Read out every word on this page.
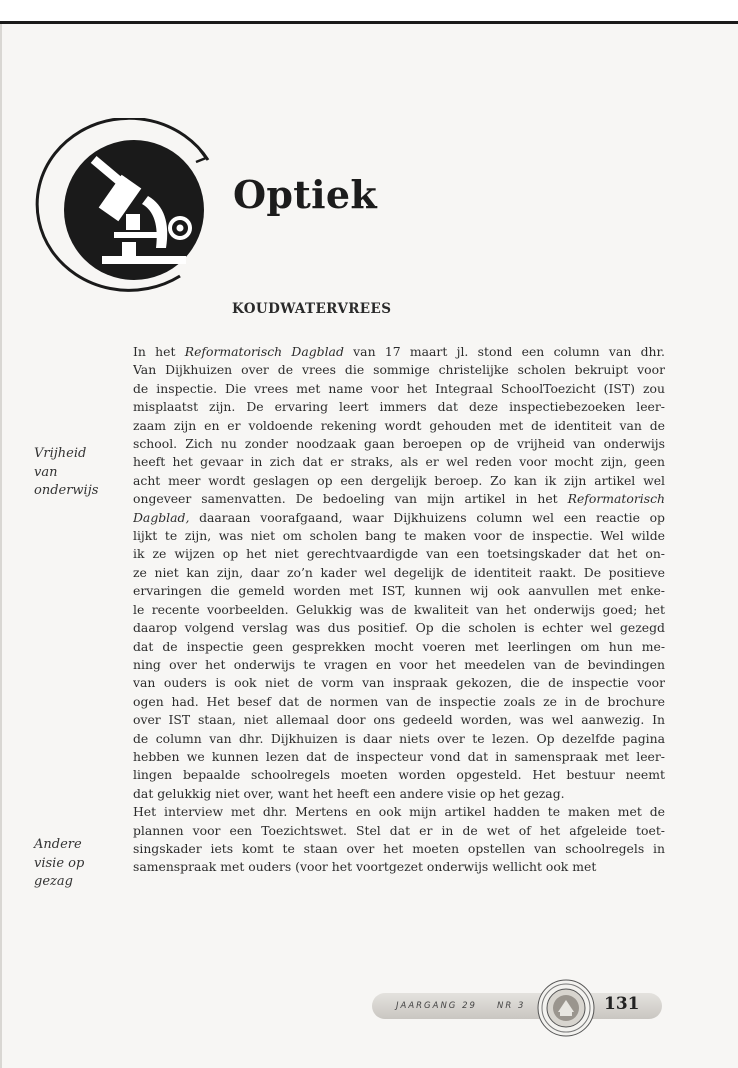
Optiek
KOUDWATERVREES
In het Reformatorisch Dagblad van 17 maart jl. stond een column van dhr.
Van Dijkhuizen over de vrees die sommige christelijke scholen bekruipt voor
de inspectie. Die vrees met name voor het Integraal SchoolToezicht (IST) zou
misplaatst zijn. De ervaring leert immers dat deze inspectiebezoeken leer-
zaam zijn en er voldoende rekening wordt gehouden met de identiteit van de
school. Zich nu zonder noodzaak gaan beroepen op de vrijheid van onderwijs
heeft het gevaar in zich dat er straks, als er wel reden voor mocht zijn, geen
acht meer wordt geslagen op een dergelijk beroep. Zo kan ik zijn artikel wel
ongeveer samenvatten. De bedoeling van mijn artikel in het Reformatorisch
Dagblad, daaraan voorafgaand, waar Dijkhuizens column wel een reactie op
lijkt te zijn, was niet om scholen bang te maken voor de inspectie. Wel wilde
ik ze wijzen op het niet gerechtvaardigde van een toetsingskader dat het on-
ze niet kan zijn, daar zo’n kader wel degelijk de identiteit raakt. De positieve
ervaringen die gemeld worden met IST, kunnen wij ook aanvullen met enke-
le recente voorbeelden. Gelukkig was de kwaliteit van het onderwijs goed; het
daarop volgend verslag was dus positief. Op die scholen is echter wel gezegd
dat de inspectie geen gesprekken mocht voeren met leerlingen om hun me-
ning over het onderwijs te vragen en voor het meedelen van de bevindingen
van ouders is ook niet de vorm van inspraak gekozen, die de inspectie voor
ogen had. Het besef dat de normen van de inspectie zoals ze in de brochure
over IST staan, niet allemaal door ons gedeeld worden, was wel aanwezig. In
de column van dhr. Dijkhuizen is daar niets over te lezen. Op dezelfde pagina
hebben we kunnen lezen dat de inspecteur vond dat in samenspraak met leer-
lingen bepaalde schoolregels moeten worden opgesteld. Het bestuur neemt
dat gelukkig niet over, want het heeft een andere visie op het gezag.
Het interview met dhr. Mertens en ook mijn artikel hadden te maken met de
plannen voor een Toezichtswet. Stel dat er in de wet of het afgeleide toet-
singskader iets komt te staan over het moeten opstellen van schoolregels in
samenspraak met ouders (voor het voortgezet onderwijs wellicht ook met
Vrijheid
van
onderwijs
Andere
visie op
gezag
JAARGANG 29 NR 3	131
